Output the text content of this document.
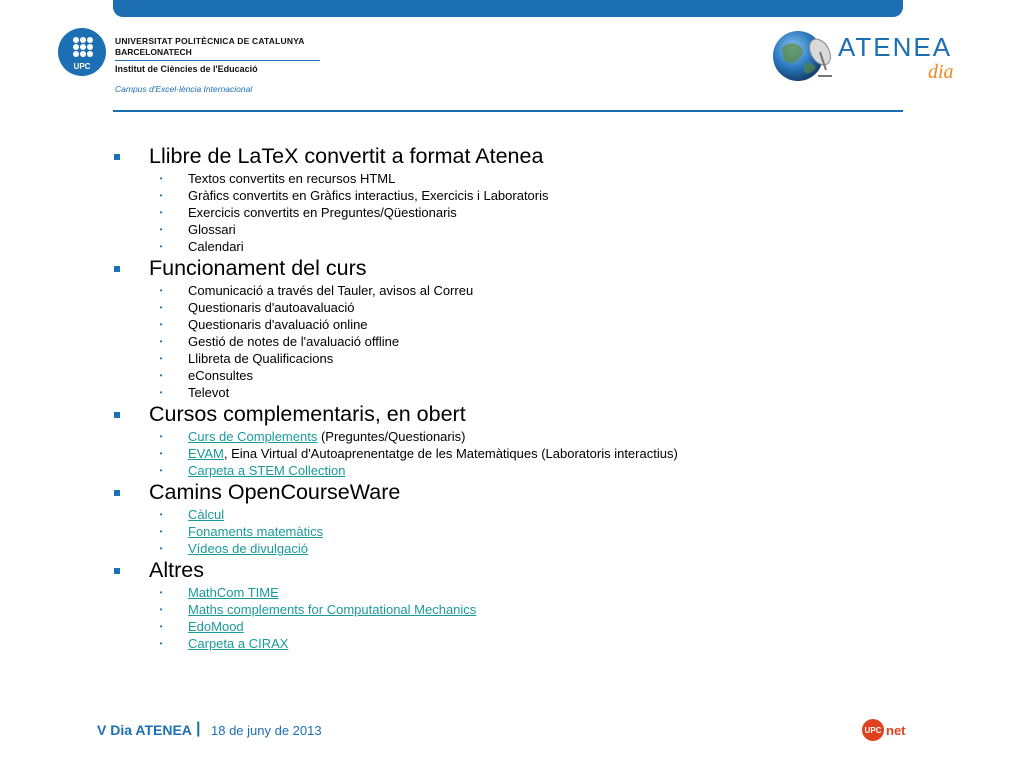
UPC
UNIVERSITAT POLITÈCNICA DE CATALUNYA
BARCELONATECH
Institut de Ciències de l'Educació
Campus d'Excel·lència Internacional
ATENEA
dia
Llibre de LaTeX convertit a format Atenea
• Textos convertits en recursos HTML
• Gràfics convertits en Gràfics interactius, Exercicis i Laboratoris
• Exercicis convertits en Preguntes/Qüestionaris
• Glossari
• Calendari
Funcionament del curs
• Comunicació a través del Tauler, avisos al Correu
• Questionaris d'autoavaluació
• Questionaris d'avaluació online
• Gestió de notes de l'avaluació offline
• Llibreta de Qualificacions
• eConsultes
• Televot
Cursos complementaris, en obert
• Curs de Complements (Preguntes/Questionaris)
• EVAM, Eina Virtual d'Autoaprenentatge de les Matemàtiques (Laboratoris interactius)
• Carpeta a STEM Collection
Camins OpenCourseWare
• Càlcul
• Fonaments matemàtics
• Vídeos de divulgació
Altres
• MathCom TIME
• Maths complements for Computational Mechanics
• EdoMood
• Carpeta a CIRAX
V Dia ATENEA | 18 de juny de 2013	UPC net
